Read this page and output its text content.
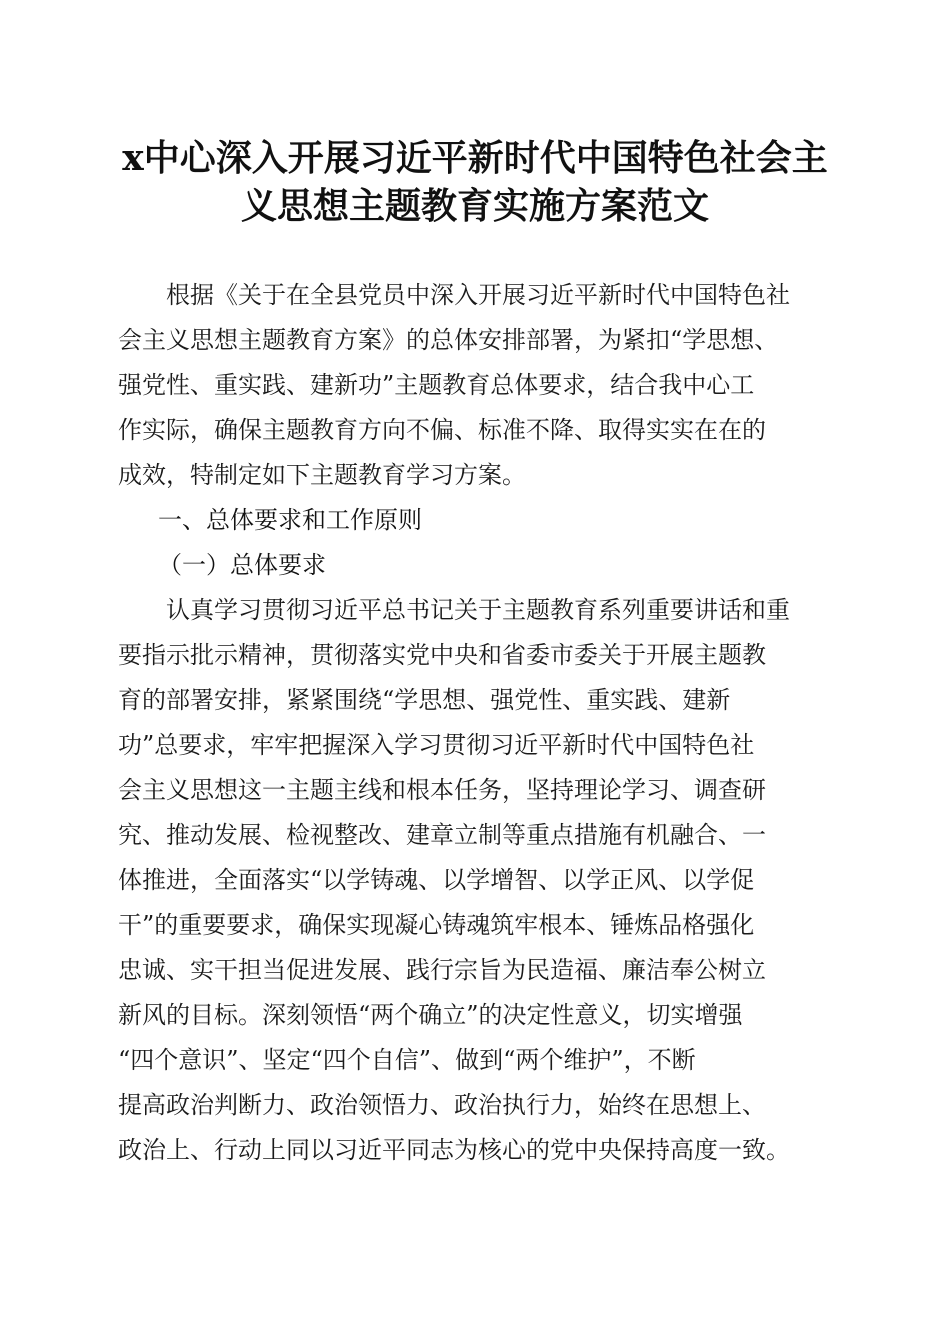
x中心深入开展习近平新时代中国特色社会主
义思想主题教育实施方案范文
　　根据《关于在全县党员中深入开展习近平新时代中国特色社
会主义思想主题教育方案》的总体安排部署，为紧扣“学思想、
强党性、重实践、建新功”主题教育总体要求，结合我中心工
作实际，确保主题教育方向不偏、标准不降、取得实实在在的
成效，特制定如下主题教育学习方案。
一、总体要求和工作原则
（一）总体要求
　　认真学习贯彻习近平总书记关于主题教育系列重要讲话和重
要指示批示精神，贯彻落实党中央和省委市委关于开展主题教
育的部署安排，紧紧围绕“学思想、强党性、重实践、建新
功”总要求，牢牢把握深入学习贯彻习近平新时代中国特色社
会主义思想这一主题主线和根本任务，坚持理论学习、调查研
究、推动发展、检视整改、建章立制等重点措施有机融合、一
体推进，全面落实“以学铸魂、以学增智、以学正风、以学促
干”的重要要求，确保实现凝心铸魂筑牢根本、锤炼品格强化
忠诚、实干担当促进发展、践行宗旨为民造福、廉洁奉公树立
新风的目标。深刻领悟“两个确立”的决定性意义，切实增强
“四个意识”、坚定“四个自信”、做到“两个维护”，不断
提高政治判断力、政治领悟力、政治执行力，始终在思想上、
政治上、行动上同以习近平同志为核心的党中央保持高度一致。
